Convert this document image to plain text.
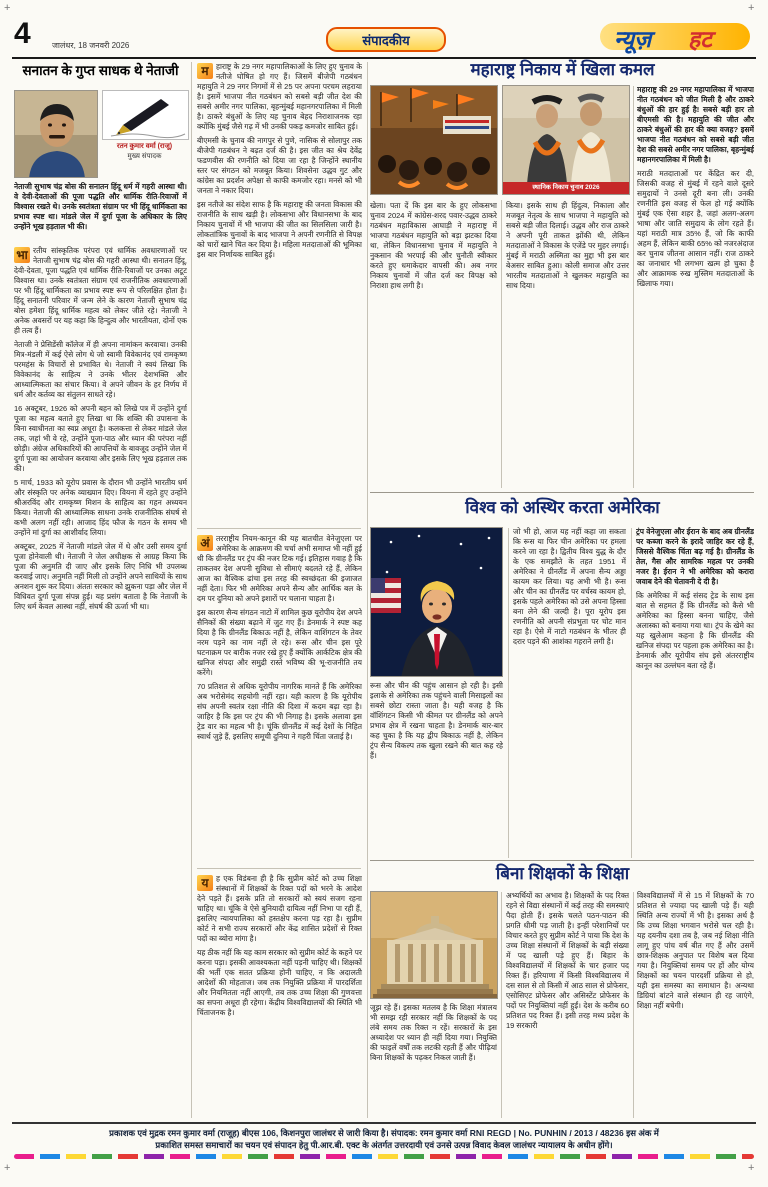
+	+
+	+
4	जालंधर, 18 जनवरी 2026	संपादकीय	न्यूज़ हट
सनातन के गुप्त साधक थे नेताजी
रतन कुमार वर्मा (राजू)
मुख्य संपादक
नेताजी सुभाष चंद्र बोस की सनातन हिंदू धर्म में गहरी आस्था थी। वे देवी-देवताओं की पूजा पद्धति और धार्मिक रीति-रिवाजों में विश्वास रखते थे। उनके स्वतंत्रता संग्राम पर भी हिंदू धार्मिकता का प्रभाव स्पष्ट था। मांडले जेल में दुर्गा पूजा के अधिकार के लिए उन्होंने भूख हड़ताल भी की।

भा रतीय सांस्कृतिक परंपरा एवं धार्मिक अवधारणाओं पर नेताजी सुभाष चंद्र बोस की गहरी आस्था थी। सनातन हिंदू, देवी-देवता, पूजा पद्धति एवं धार्मिक रीति-रिवाजों पर उनका अटूट विश्वास था। उनके स्वतंत्रता संग्राम एवं राजनीतिक अवधारणाओं पर भी हिंदू धार्मिकता का प्रभाव स्पष्ट रूप से परिलक्षित होता है। हिंदू सनातनी परिवार में जन्म लेने के कारण नेताजी सुभाष चंद्र बोस हमेशा हिंदू धार्मिक महत्व को लेकर जीते रहे। नेताजी ने अनेक अवसरों पर यह कहा कि हिन्दुत्व और भारतीयता, दोनों एक ही तत्व हैं।

नेताजी ने प्रेसिडेंसी कॉलेज में ही अपना नामांकन करवाया। उनकी मित्र-मंडली में कई ऐसे लोग थे जो स्वामी विवेकानंद एवं रामकृष्ण परमहंस के विचारों से प्रभावित थे। नेताजी ने स्वयं लिखा कि विवेकानंद के साहित्य ने उनके भीतर देशभक्ति और आध्यात्मिकता का संचार किया। वे अपने जीवन के हर निर्णय में धर्म और कर्तव्य का संतुलन साधते रहे।

16 अक्टूबर, 1926 को अपनी बहन को लिखे पत्र में उन्होंने दुर्गा पूजा का महत्व बताते हुए लिखा था कि शक्ति की उपासना के बिना स्वाधीनता का स्वप्न अधूरा है। कलकत्ता से लेकर मांडले जेल तक, जहां भी वे रहे, उन्होंने पूजा-पाठ और ध्यान की परंपरा नहीं छोड़ी। अंग्रेज अधिकारियों की आपत्तियों के बावजूद उन्होंने जेल में दुर्गा पूजा का आयोजन करवाया और इसके लिए भूख हड़ताल तक की।

5 मार्च, 1933 को यूरोप प्रवास के दौरान भी उन्होंने भारतीय धर्म और संस्कृति पर अनेक व्याख्यान दिए। वियना में रहते हुए उन्होंने श्रीअरविंद और रामकृष्ण मिशन के साहित्य का गहन अध्ययन किया। नेताजी की आध्यात्मिक साधना उनके राजनीतिक संघर्ष से कभी अलग नहीं रही। आजाद हिंद फौज के गठन के समय भी उन्होंने मां दुर्गा का आशीर्वाद लिया।

अक्टूबर, 2025 में नेताजी मांडले जेल में थे और उसी समय दुर्गा पूजा होनेवाली थी। नेताजी ने जेल अधीक्षक से आग्रह किया कि पूजा की अनुमति दी जाए और इसके लिए निधि भी उपलब्ध करवाई जाए। अनुमति नहीं मिली तो उन्होंने अपने साथियों के साथ अनशन शुरू कर दिया। अंततः सरकार को झुकना पड़ा और जेल में विधिवत दुर्गा पूजा संपन्न हुई। यह प्रसंग बताता है कि नेताजी के लिए धर्म केवल आस्था नहीं, संघर्ष की ऊर्जा भी था।

म हाराष्ट्र के 29 नगर महापालिकाओं के लिए हुए चुनाव के नतीजे घोषित हो गए हैं। जिसमें बीजेपी गठबंधन महायुति ने 29 नगर निगमों में से 25 पर अपना परचम लहराया है। इसमें भाजपा नीत गठबंधन को सबसे बड़ी जीत देश की सबसे अमीर नगर पालिका, बृहन्मुंबई महानगरपालिका में मिली है। ठाकरे बंधुओं के लिए यह चुनाव बेहद निराशाजनक रहा क्योंकि मुंबई जैसे गढ़ में भी उनकी पकड़ कमजोर साबित हुई।

बीएमसी के चुनाव की नागपुर से पुणे, नासिक से सोलापुर तक बीजेपी गठबंधन ने बढ़त दर्ज की है। इस जीत का श्रेय देवेंद्र फडणवीस की रणनीति को दिया जा रहा है जिन्होंने स्थानीय स्तर पर संगठन को मजबूत किया। शिवसेना उद्धव गुट और कांग्रेस का प्रदर्शन अपेक्षा से काफी कमजोर रहा। मनसे को भी जनता ने नकार दिया।

इस नतीजे का संदेश साफ है कि महाराष्ट्र की जनता विकास की राजनीति के साथ खड़ी है। लोकसभा और विधानसभा के बाद निकाय चुनावों में भी भाजपा की जीत का सिलसिला जारी है। लोकतांत्रिक चुनावों के बाद भाजपा ने अपनी रणनीति से विपक्ष को चारों खाने चित कर दिया है। महिला मतदाताओं की भूमिका इस बार निर्णायक साबित हुई।

अं तरराष्ट्रीय नियम-कानून की यह बातचीत वेनेजुएला पर अमेरिका के आक्रमण की चर्चा अभी समाप्त भी नहीं हुई थी कि ग्रीनलैंड पर ट्रंप की नजर टिक गई। इतिहास गवाह है कि ताकतवर देश अपनी सुविधा से सीमाएं बदलते रहे हैं, लेकिन आज का वैश्विक ढांचा इस तरह की स्वच्छंदता की इजाजत नहीं देता। फिर भी अमेरिका अपने सैन्य और आर्थिक बल के दम पर दुनिया को अपने इशारों पर चलाना चाहता है।

इस कारण सैन्य संगठन नाटो में शामिल कुछ यूरोपीय देश अपने सैनिकों की संख्या बढ़ाने में जुट गए हैं। डेनमार्क ने स्पष्ट कह दिया है कि ग्रीनलैंड बिकाऊ नहीं है, लेकिन वाशिंगटन के तेवर नरम पड़ने का नाम नहीं ले रहे। रूस और चीन इस पूरे घटनाक्रम पर बारीक नजर रखे हुए हैं क्योंकि आर्कटिक क्षेत्र की खनिज संपदा और समुद्री रास्ते भविष्य की भू-राजनीति तय करेंगे।

70 प्रतिशत से अधिक यूरोपीय नागरिक मानते हैं कि अमेरिका अब भरोसेमंद सहयोगी नहीं रहा। यही कारण है कि यूरोपीय संघ अपनी स्वतंत्र रक्षा नीति की दिशा में कदम बढ़ा रहा है। जाहिर है कि इस पर ट्रंप की भी निगाह है। इसके अलावा इस ट्रेड वार का महत्व भी है। चूंकि ग्रीनलैंड में कई देशों के निहित स्वार्थ जुड़े हैं, इसलिए समूची दुनिया ने गहरी चिंता जताई है।

य	ह एक विडंबना ही है कि सुप्रीम कोर्ट को उच्च शिक्षा संस्थानों में शिक्षकों के रिक्त पदों को भरने के आदेश देने पड़ते हैं। इसके प्रति तो सरकारों को स्वयं सजग रहना चाहिए था। चूंकि वे ऐसे बुनियादी दायित्व नहीं निभा पा रही हैं, इसलिए न्यायपालिका को हस्तक्षेप करना पड़ रहा है। सुप्रीम कोर्ट ने सभी राज्य सरकारों और केंद्र शासित प्रदेशों से रिक्त पदों का ब्योरा मांगा है।

यह ठीक नहीं कि यह काम सरकार को सुप्रीम कोर्ट के कहने पर करना पड़ा। इसकी आवश्यकता नहीं पड़नी चाहिए थी। शिक्षकों की भर्ती एक सतत प्रक्रिया होनी चाहिए, न कि अदालती आदेशों की मोहताज। जब तक नियुक्ति प्रक्रिया में पारदर्शिता और नियमितता नहीं आएगी, तब तक उच्च शिक्षा की गुणवत्ता का सपना अधूरा ही रहेगा। केंद्रीय विश्वविद्यालयों की स्थिति भी चिंताजनक है।

महाराष्ट्र निकाय में खिला कमल
स्थानिक निकाय चुनाव 2026

महाराष्ट्र की 29 नगर महापालिका में भाजपा नीत गठबंधन को जीत मिली है और ठाकरे बंधुओं की हार हुई है! सबसे बड़ी हार तो बीएमसी की है। महायुति की जीत और ठाकरे बंधुओं की हार की क्या वजह? इसमें भाजपा नीत गठबंधन को सबसे बड़ी जीत देश की सबसे अमीर नगर पालिका, बृहन्मुंबई महानगरपालिका में मिली है।

मराठी मतदाताओं पर केंद्रित कर दी, जिसकी वजह से मुंबई में रहने वाले दूसरे समुदायों ने उनसे दूरी बना ली। उनकी रणनीति इस वजह से फेल हो गई क्योंकि मुंबई एक ऐसा शहर है, जहां अलग-अलग भाषा और जाति समुदाय के लोग रहते हैं। यहां मराठी मात्र 35% हैं, जो कि काफी अहम हैं, लेकिन बाकी 65% को नजरअंदाज कर चुनाव जीतना आसान नहीं। राज ठाकरे का जनाधार भी लगभग खत्म हो चुका है और आक्रामक रुख मुस्लिम मतदाताओं के खिलाफ गया।

खेला। पता दें कि इस बार के हुए लोकसभा चुनाव 2024 में कांग्रेस-शरद पवार-उद्धव ठाकरे गठबंधन महाविकास आघाड़ी ने महाराष्ट्र में भाजपा गठबंधन महायुति को बड़ा झटका दिया था, लेकिन विधानसभा चुनाव में महायुति ने नुकसान की भरपाई की और चुनौती स्वीकार करते हुए धमाकेदार वापसी की। अब नगर निकाय चुनावों में जीत दर्ज कर विपक्ष को निराशा हाथ लगी है।
किया। इसके साथ ही हिंदुत्व, निकाला और मजबूत नेतृत्व के साथ भाजपा ने महायुति को सबसे बड़ी जीत दिलाई। उद्धव और राज ठाकरे ने अपनी पूरी ताकत झोंकी थी, लेकिन मतदाताओं ने विकास के एजेंडे पर मुहर लगाई। मुंबई में मराठी अस्मिता का मुद्दा भी इस बार बेअसर साबित हुआ। कोली समाज और उत्तर भारतीय मतदाताओं ने खुलकर महायुति का साथ दिया।
विश्व को अस्थिर करता अमेरिका
रूस और चीन की पहुंच आसान हो रही है। इसी इलाके से अमेरिका तक पहुंचने वाली मिसाइलों का सबसे छोटा रास्ता जाता है। यही वजह है कि वॉशिंगटन किसी भी कीमत पर ग्रीनलैंड को अपने प्रभाव क्षेत्र में रखना चाहता है। डेनमार्क बार-बार कह चुका है कि यह द्वीप बिकाऊ नहीं है, लेकिन ट्रंप सैन्य विकल्प तक खुला रखने की बात कह रहे हैं।
जो भी हो, आज यह नहीं कहा जा सकता कि रूस या फिर चीन अमेरिका पर हमला करने जा रहा है। द्वितीय विश्व युद्ध के दौर के एक समझौते के तहत 1951 में अमेरिका ने ग्रीनलैंड में अपना सैन्य अड्डा कायम कर लिया। यह अभी भी है। रूस और चीन का ग्रीनलैंड पर वर्चस्व कायम हो, इसके पहले अमेरिका को उसे अपना हिस्सा बना लेने की जल्दी है। पूरा यूरोप इस रणनीति को अपनी संप्रभुता पर चोट मान रहा है। ऐसे में नाटो गठबंधन के भीतर ही दरार पड़ने की आशंका गहराने लगी है।

ट्रंप वेनेजुएला और ईरान के बाद अब ग्रीनलैंड पर कब्जा करने के इरादे जाहिर कर रहे हैं, जिससे वैश्विक चिंता बढ़ गई है। ग्रीनलैंड के तेल, गैस और सामरिक महत्व पर उनकी नजर है। ईरान ने भी अमेरिका को करारा जवाब देने की चेतावनी दे दी है।

कि अमेरिका में कई संसद ट्रेड के साथ इस बात से सहमत हैं कि ग्रीनलैंड को कैसे भी अमेरिका का हिस्सा बनना चाहिए, जैसे अलास्का को बनाया गया था। ट्रंप के खेमे का यह खुलेआम कहना है कि ग्रीनलैंड की खनिज संपदा पर पहला हक अमेरिका का है। डेनमार्क और यूरोपीय संघ इसे अंतरराष्ट्रीय कानून का उल्लंघन बता रहे हैं।

बिना शिक्षकों के शिक्षा
जूझ रहे हैं। इसका मतलब है कि शिक्षा मंत्रालय भी समझ रही सरकार नहीं कि शिक्षकों के पद लंबे समय तक रिक्त न रहें। सरकारों के इस अध्यादेश पर ध्यान ही नहीं दिया गया। नियुक्ति की फाइलें वर्षों तक लटकी रहती हैं और पीढ़ियां बिना शिक्षकों के पढ़कर निकल जाती हैं।
अभ्यर्थियों का अभाव है। शिक्षकों के पद रिक्त रहने से विद्या संस्थानों में कई तरह की समस्याएं पैदा होती हैं। इसके चलते पठन-पाठन की प्रगति धीमी पड़ जाती है। इन्हीं परेशानियों पर विचार करते हुए सुप्रीम कोर्ट ने पाया कि देश के उच्च शिक्षा संस्थानों में शिक्षकों के बड़ी संख्या में पद खाली पड़े हुए हैं। बिहार के विश्वविद्यालयों में शिक्षकों के चार हजार पद रिक्त हैं। हरियाणा में किसी विश्वविद्यालय में दस साल से तो किसी में आठ साल से प्रोफेसर, एसोसिएट प्रोफेसर और असिस्टेंट प्रोफेसर के पदों पर नियुक्तियां नहीं हुईं। देश के करीब 60 प्रतिशत पद रिक्त हैं। इसी तरह मध्य प्रदेश के 19 सरकारी
विश्वविद्यालयों में से 15 में शिक्षकों के 70 प्रतिशत से ज्यादा पद खाली पड़े हैं। यही स्थिति अन्य राज्यों में भी है। इसका अर्थ है कि उच्च शिक्षा भगवान भरोसे चल रही है। यह दयनीय दशा तब है, जब नई शिक्षा नीति लागू हुए पांच वर्ष बीत गए हैं और उसमें छात्र-शिक्षक अनुपात पर विशेष बल दिया गया है। नियुक्तियां समय पर हों और योग्य शिक्षकों का चयन पारदर्शी प्रक्रिया से हो, यही इस समस्या का समाधान है। अन्यथा डिग्रियां बांटने वाले संस्थान ही रह जाएंगे, शिक्षा नहीं बचेगी।
प्रकाशक एवं मुद्रक रमन कुमार वर्मा (राजूह) बीएस 106, किशनपुरा जालंधर से जारी किया है। संपादक: रमन कुमार वर्मा RNI REGD | No. PUNHIN / 2013 / 48236 इस अंक में
प्रकाशित समस्त समाचारों का चयन एवं संपादन हेतु पी.आर.बी. एक्ट के अंतर्गत उत्तरदायी एवं उनसे उत्पन्न विवाद केवल जालंधर न्यायालय के अधीन होंगे।
